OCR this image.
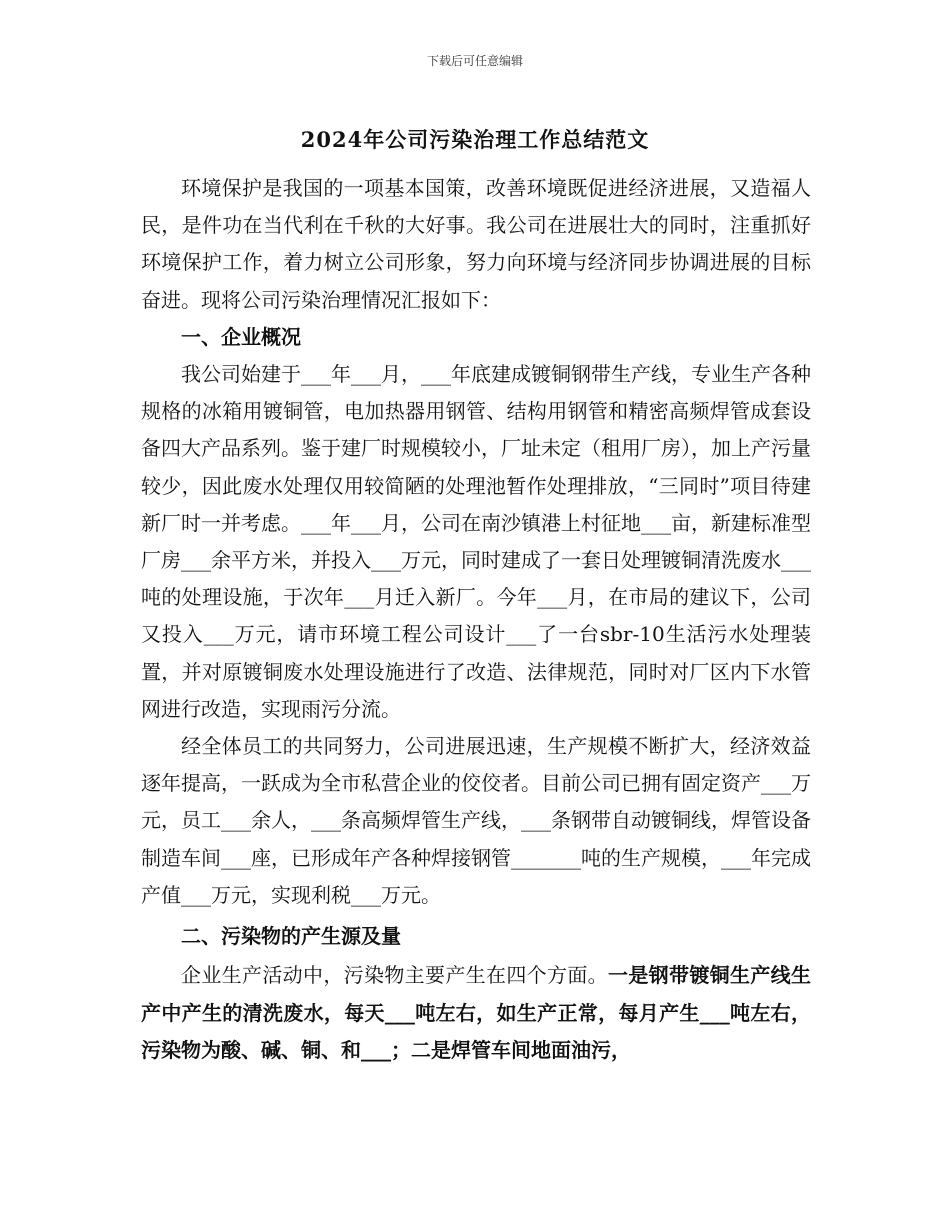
下载后可任意编辑
2024年公司污染治理工作总结范文

环境保护是我国的一项基本国策，改善环境既促进经济进展，又造福人民，是件功在当代利在千秋的大好事。我公司在进展壮大的同时，注重抓好环境保护工作，着力树立公司形象，努力向环境与经济同步协调进展的目标奋进。现将公司污染治理情况汇报如下：

一、企业概况

我公司始建于___年___月，___年底建成镀铜钢带生产线，专业生产各种规格的冰箱用镀铜管，电加热器用钢管、结构用钢管和精密高频焊管成套设备四大产品系列。鉴于建厂时规模较小，厂址未定（租用厂房），加上产污量较少，因此废水处理仅用较简陋的处理池暂作处理排放，“三同时”项目待建新厂时一并考虑。___年___月，公司在南沙镇港上村征地___亩，新建标准型厂房___余平方米，并投入___万元，同时建成了一套日处理镀铜清洗废水___吨的处理设施，于次年___月迁入新厂。今年___月，在市局的建议下，公司又投入___万元，请市环境工程公司设计___了一台sbr-10生活污水处理装置，并对原镀铜废水处理设施进行了改造、法律规范，同时对厂区内下水管网进行改造，实现雨污分流。

经全体员工的共同努力，公司进展迅速，生产规模不断扩大，经济效益逐年提高，一跃成为全市私营企业的佼佼者。目前公司已拥有固定资产___万元，员工___余人，___条高频焊管生产线，___条钢带自动镀铜线，焊管设备制造车间___座，已形成年产各种焊接钢管_______吨的生产规模，___年完成产值___万元，实现利税___万元。

二、污染物的产生源及量

企业生产活动中，污染物主要产生在四个方面。一是钢带镀铜生产线生产中产生的清洗废水，每天___吨左右，如生产正常，每月产生___吨左右，污染物为酸、碱、铜、和___；二是焊管车间地面油污，
